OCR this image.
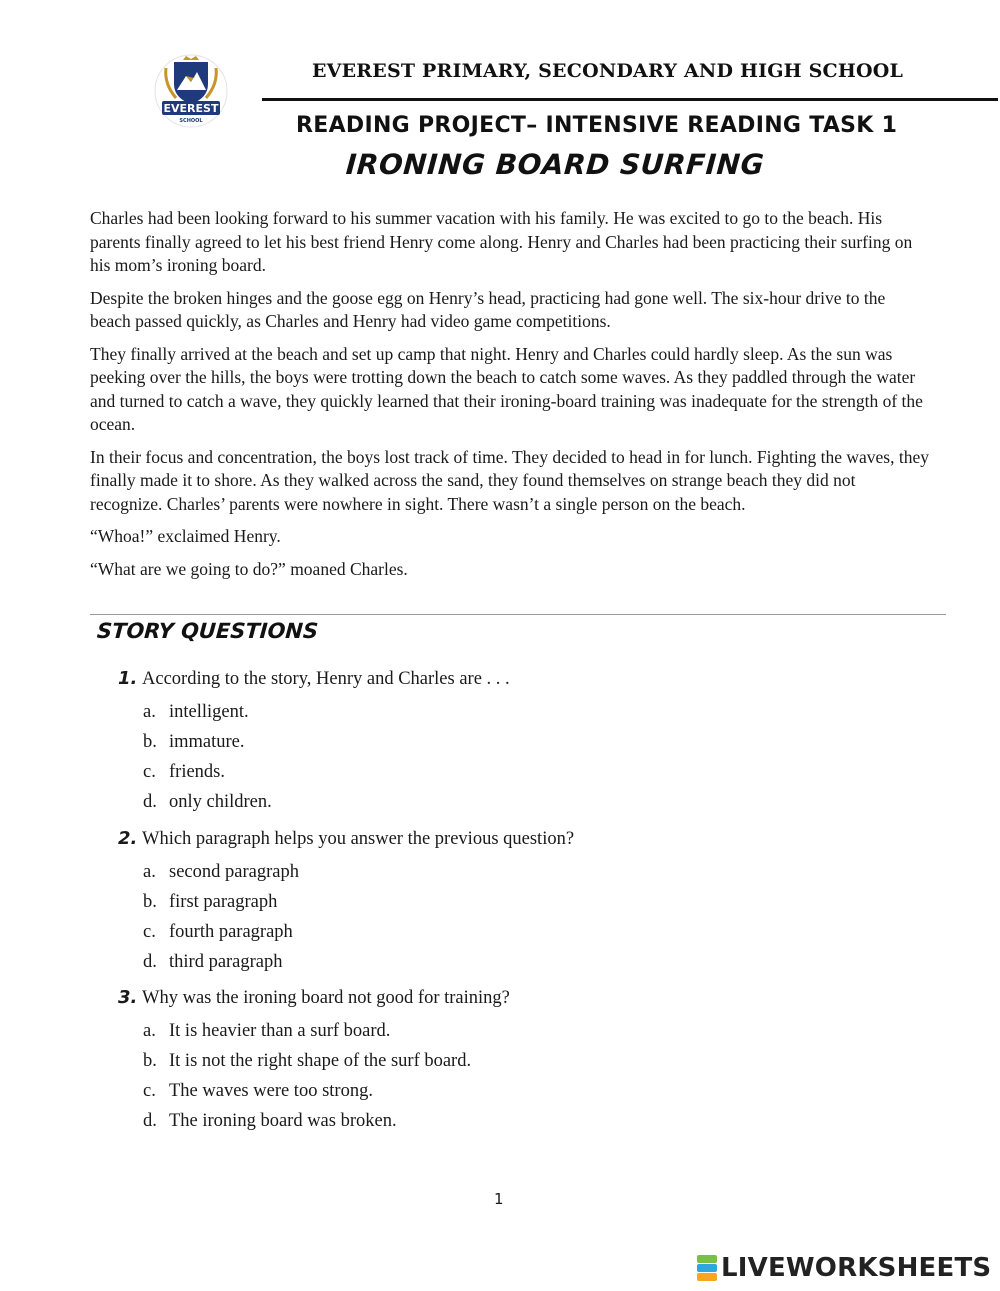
EVEREST
SCHOOL
EVEREST PRIMARY, SECONDARY AND HIGH SCHOOL
READING PROJECT– INTENSIVE READING TASK 1
IRONING BOARD SURFING

Charles had been looking forward to his summer vacation with his family. He was excited to go to the beach. His parents finally agreed to let his best friend Henry come along. Henry and Charles had been practicing their surfing on his mom’s ironing board.

Despite the broken hinges and the goose egg on Henry’s head, practicing had gone well. The six-hour drive to the beach passed quickly, as Charles and Henry had video game competitions.

They finally arrived at the beach and set up camp that night. Henry and Charles could hardly sleep. As the sun was peeking over the hills, the boys were trotting down the beach to catch some waves. As they paddled through the water and turned to catch a wave, they quickly learned that their ironing-board training was inadequate for the strength of the ocean.

In their focus and concentration, the boys lost track of time. They decided to head in for lunch. Fighting the waves, they finally made it to shore. As they walked across the sand, they found themselves on strange beach they did not recognize. Charles’ parents were nowhere in sight. There wasn’t a single person on the beach.

“Whoa!” exclaimed Henry.

“What are we going to do?” moaned Charles.

STORY QUESTIONS

1. According to the story, Henry and Charles are . . .

a. intelligent.
b. immature.
c. friends.
d. only children.

2. Which paragraph helps you answer the previous question?

a. second paragraph
b. first paragraph
c. fourth paragraph
d. third paragraph

3. Why was the ironing board not good for training?

a. It is heavier than a surf board.
b. It is not the right shape of the surf board.
c. The waves were too strong.
d. The ironing board was broken.
1
LIVEWORKSHEETS
